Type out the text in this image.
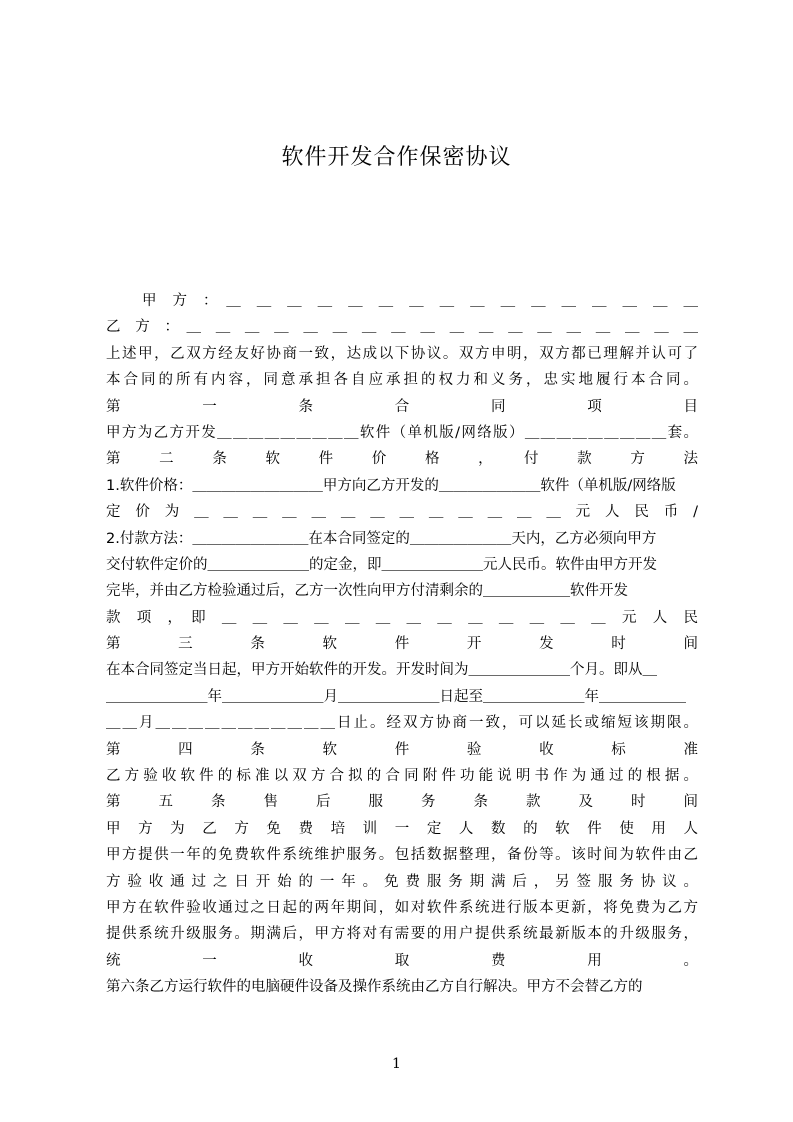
软件开发合作保密协议
甲　方　：　＿　＿　＿　＿　＿　＿　＿　＿　＿　＿　＿　＿　＿　＿　＿　＿　　　　
乙　方　：　＿　＿　＿　＿　＿　＿　＿　＿　＿　＿　＿　＿　＿　＿　＿　＿　＿　＿　　　
上述甲，乙双方经友好协商一致，达成以下协议。双方申明，双方都已理解并认可了
本合同的所有内容，同意承担各自应承担的权力和义务，忠实地履行本合同。
第　一　条　合　同　项　目
甲方为乙方开发＿＿＿＿＿＿＿＿＿软件（单机版/网络版）＿＿＿＿＿＿＿＿＿套。
第　二　条　软　件　价　格　，　付　款　方　法
1.软件价格：＿＿＿＿＿＿＿＿＿甲方向乙方开发的＿＿＿＿＿＿＿软件（单机版/网络版
定　价　为　＿　＿　＿　＿　＿　＿　＿　＿　＿　＿　＿　＿　＿　元　人　民　币　/　　
2.付款方法：＿＿＿＿＿＿＿＿在本合同签定的＿＿＿＿＿＿＿天内，乙方必须向甲方
交付软件定价的＿＿＿＿＿＿＿的定金，即＿＿＿＿＿＿＿元人民币。软件由甲方开发
完毕，并由乙方检验通过后，乙方一次性向甲方付清剩余的＿＿＿＿＿＿软件开发
款　项　，　即　＿　＿　＿　＿　＿　＿　＿　＿　＿　＿　＿　＿　＿　元　人　民　　
第　三　条　软　件　开　发　时　间
在本合同签定当日起，甲方开始软件的开发。开发时间为＿＿＿＿＿＿＿个月。即从＿
＿＿＿＿＿＿＿年＿＿＿＿＿＿＿月＿＿＿＿＿＿＿日起至＿＿＿＿＿＿＿年＿＿＿＿＿＿
＿＿月＿＿＿＿＿＿＿＿＿＿＿日止。经双方协商一致，可以延长或缩短该期限。
第　四　条　软　件　验　收　标　准
乙方验收软件的标准以双方合拟的合同附件功能说明书作为通过的根据。
第　五　条　售　后　服　务　条　款　及　时　间
甲　方　为　乙　方　免　费　培　训　一　定　人　数　的　软　件　使　用　人　　
甲方提供一年的免费软件系统维护服务。包括数据整理，备份等。该时间为软件由乙
方验收通过之日开始的一年。免费服务期满后，另签服务协议。
甲方在软件验收通过之日起的两年期间，如对软件系统进行版本更新，将免费为乙方
提供系统升级服务。期满后，甲方将对有需要的用户提供系统最新版本的升级服务，
统　一　收　取　费　用　。
第六条乙方运行软件的电脑硬件设备及操作系统由乙方自行解决。甲方不会替乙方的
1
